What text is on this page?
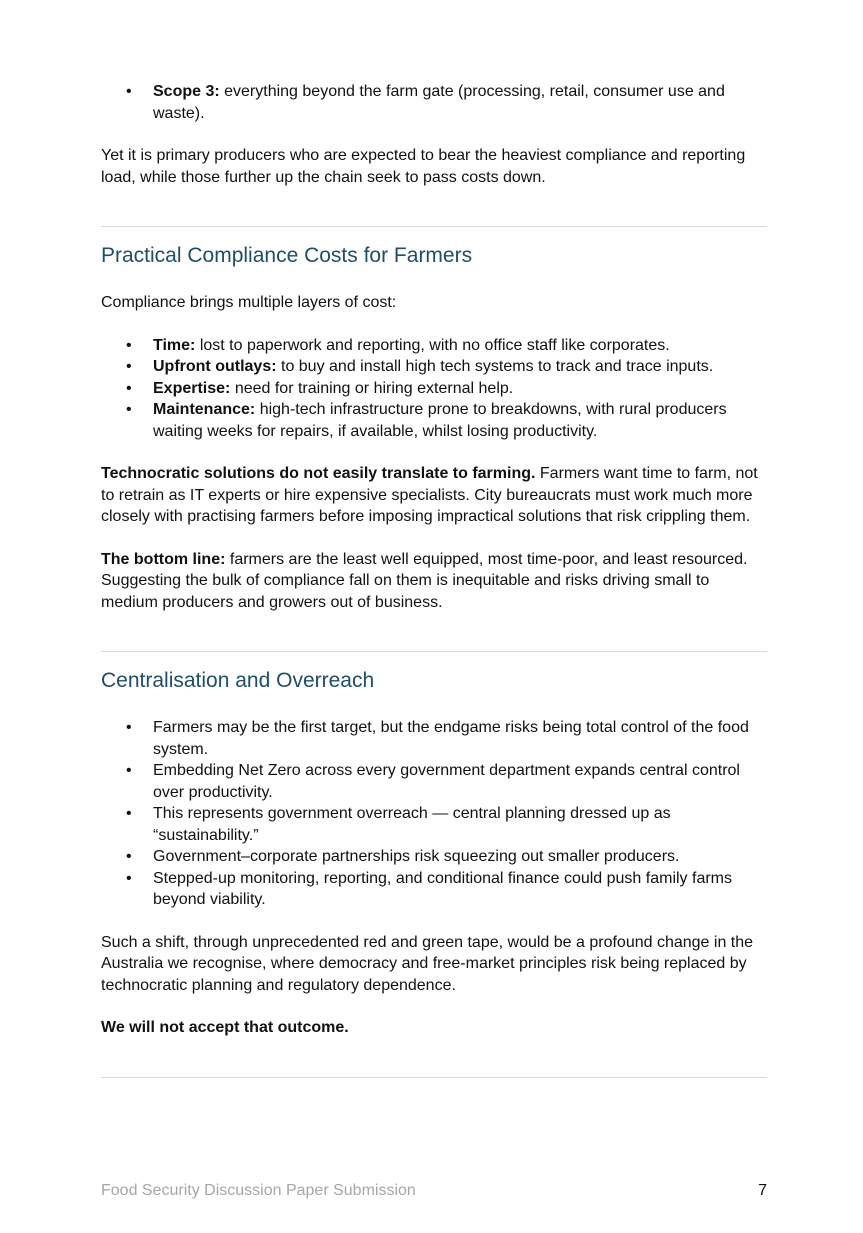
• Scope 3: everything beyond the farm gate (processing, retail, consumer use and waste).

Yet it is primary producers who are expected to bear the heaviest compliance and reporting load, while those further up the chain seek to pass costs down.

Practical Compliance Costs for Farmers

Compliance brings multiple layers of cost:

• Time: lost to paperwork and reporting, with no office staff like corporates.
• Upfront outlays: to buy and install high tech systems to track and trace inputs.
• Expertise: need for training or hiring external help.
• Maintenance: high-tech infrastructure prone to breakdowns, with rural producers waiting weeks for repairs, if available, whilst losing productivity.

Technocratic solutions do not easily translate to farming. Farmers want time to farm, not to retrain as IT experts or hire expensive specialists. City bureaucrats must work much more closely with practising farmers before imposing impractical solutions that risk crippling them.

The bottom line: farmers are the least well equipped, most time-poor, and least resourced. Suggesting the bulk of compliance fall on them is inequitable and risks driving small to medium producers and growers out of business.

Centralisation and Overreach
• Farmers may be the first target, but the endgame risks being total control of the food system.
• Embedding Net Zero across every government department expands central control over productivity.
• This represents government overreach — central planning dressed up as “sustainability.”
• Government–corporate partnerships risk squeezing out smaller producers.
• Stepped-up monitoring, reporting, and conditional finance could push family farms beyond viability.

Such a shift, through unprecedented red and green tape, would be a profound change in the Australia we recognise, where democracy and free-market principles risk being replaced by technocratic planning and regulatory dependence.

We will not accept that outcome.

Food Security Discussion Paper Submission	7
